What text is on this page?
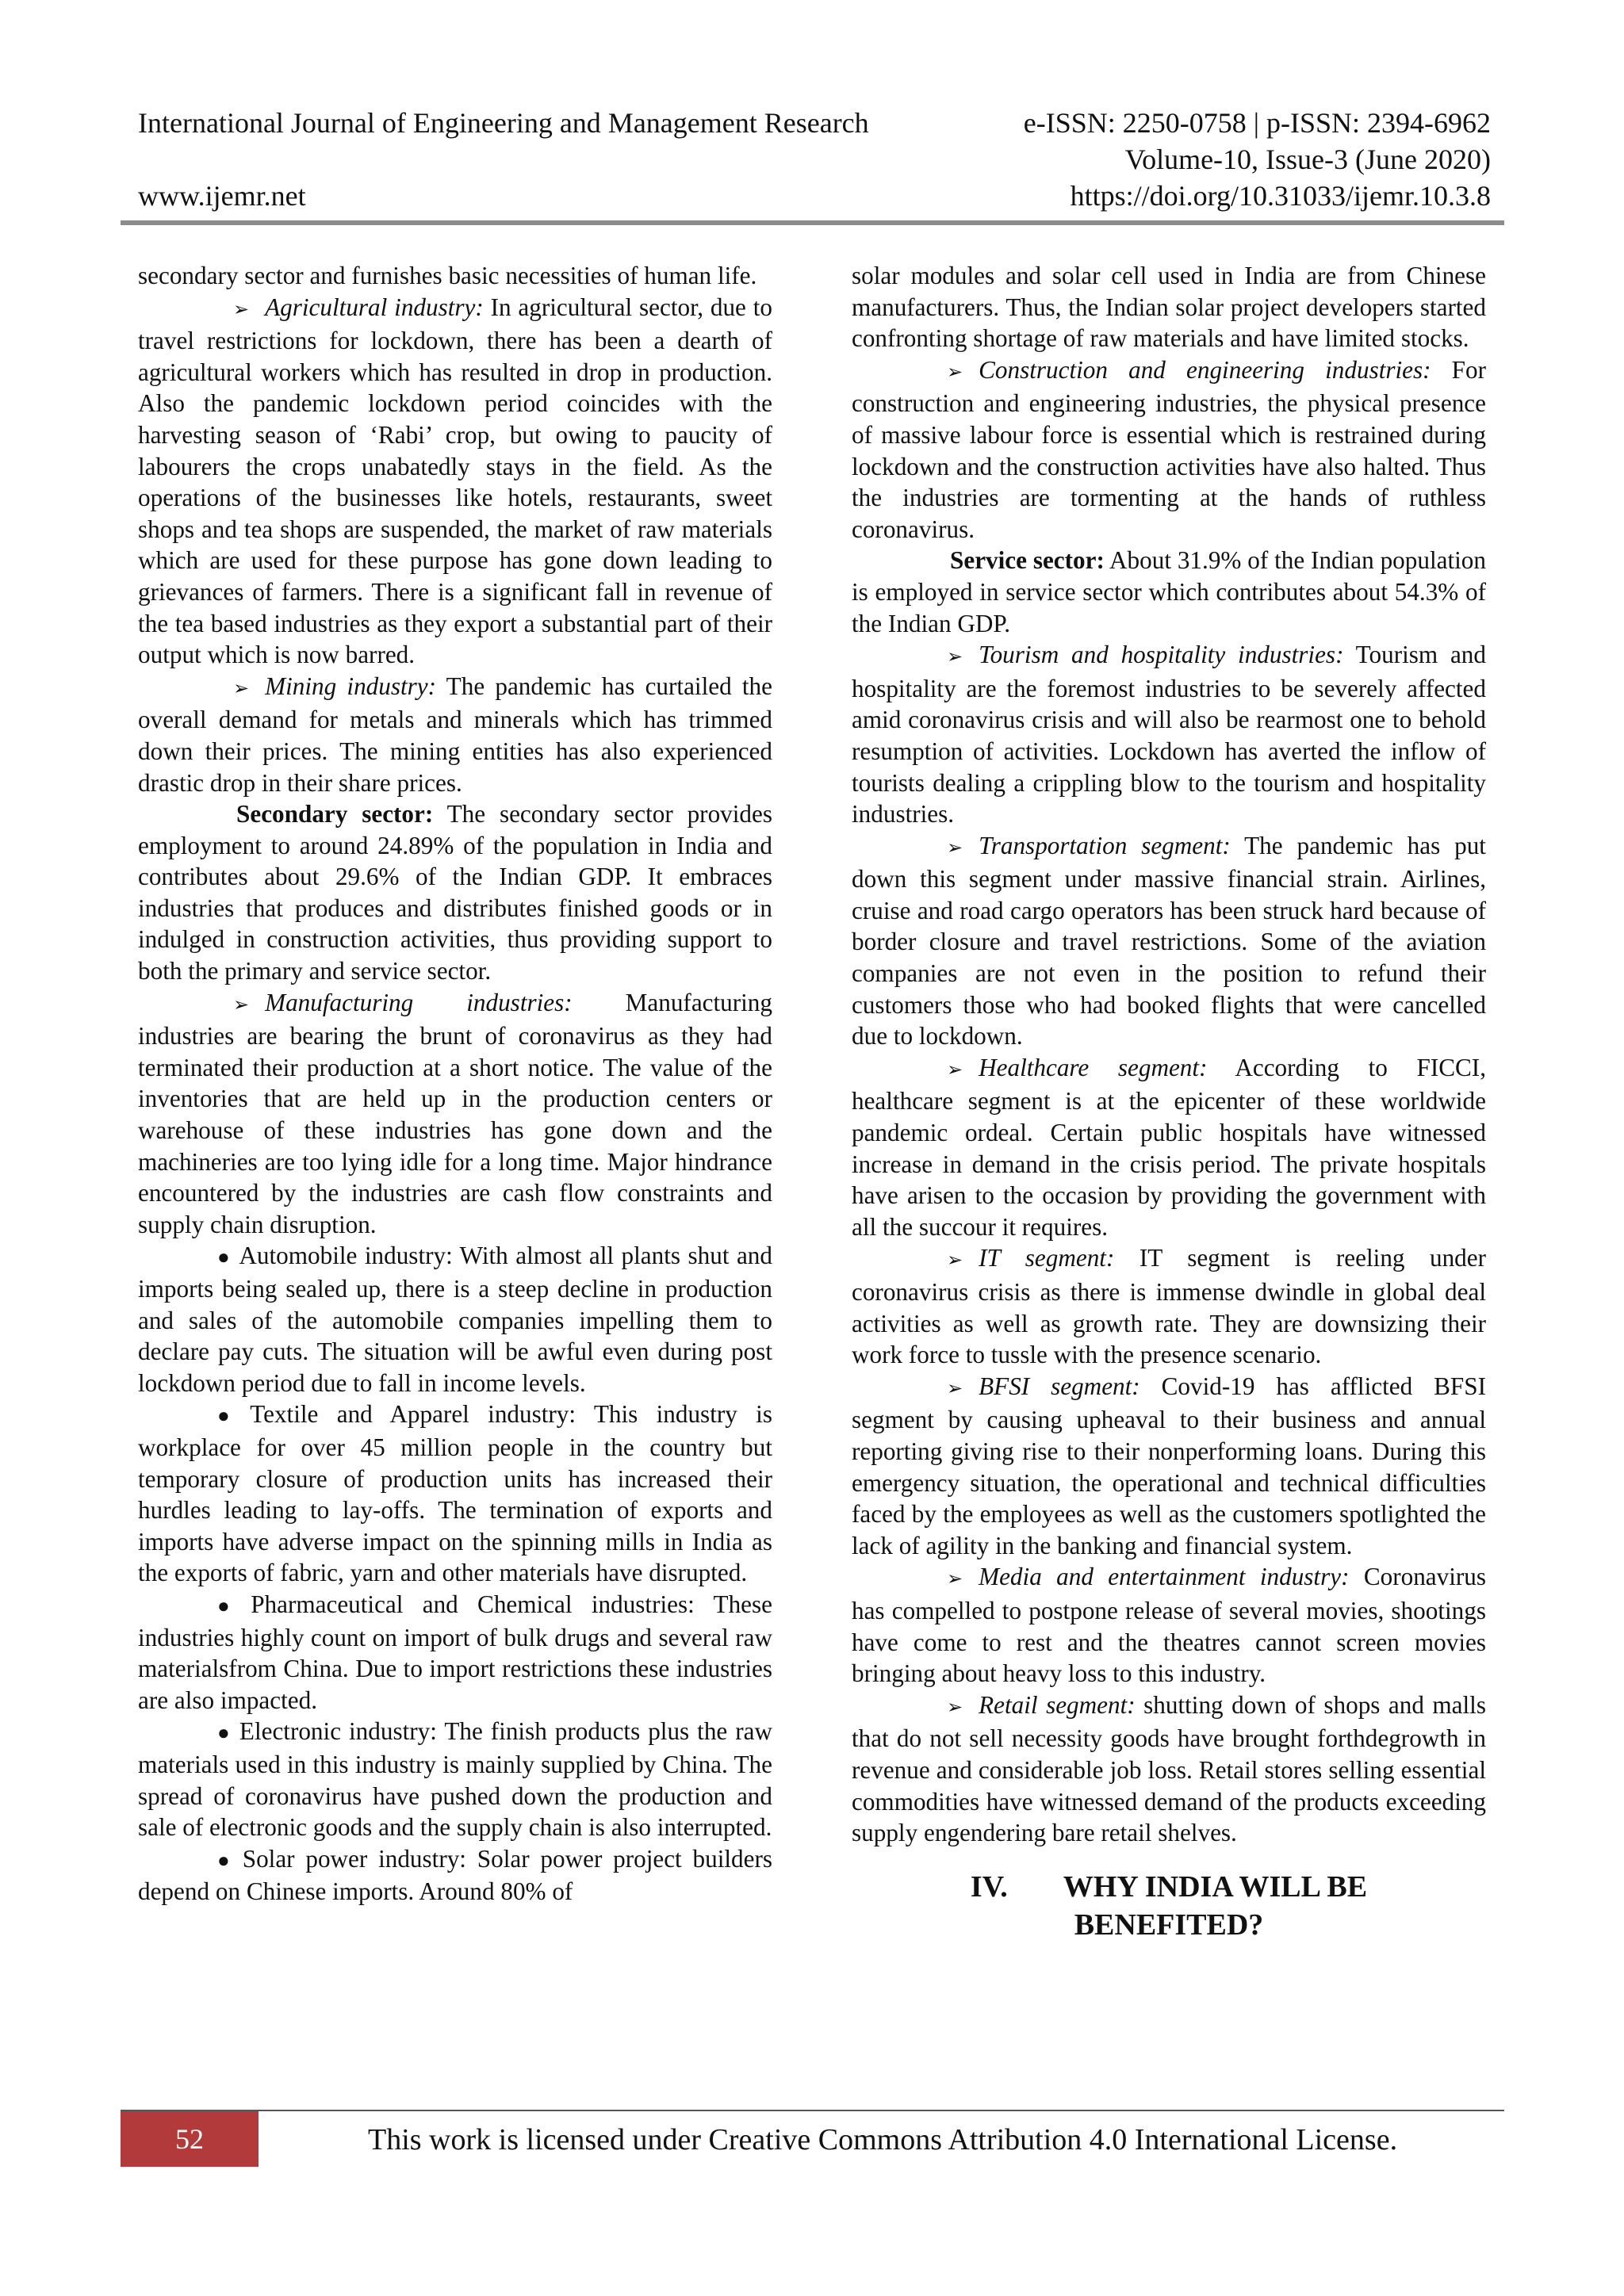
International Journal of Engineering and Management Research	e-ISSN: 2250-0758 | p-ISSN: 2394-6962
Volume-10, Issue-3 (June 2020)
www.ijemr.net	https://doi.org/10.31033/ijemr.10.3.8

secondary sector and furnishes basic necessities of human life.

➢ Agricultural industry: In agricultural sector, due to travel restrictions for lockdown, there has been a dearth of agricultural workers which has resulted in drop in production. Also the pandemic lockdown period coincides with the harvesting season of ‘Rabi’ crop, but owing to paucity of labourers the crops unabatedly stays in the field. As the operations of the businesses like hotels, restaurants, sweet shops and tea shops are suspended, the market of raw materials which are used for these purpose has gone down leading to grievances of farmers. There is a significant fall in revenue of the tea based industries as they export a substantial part of their output which is now barred.

➢ Mining industry: The pandemic has curtailed the overall demand for metals and minerals which has trimmed down their prices. The mining entities has also experienced drastic drop in their share prices.

Secondary sector: The secondary sector provides employment to around 24.89% of the population in India and contributes about 29.6% of the Indian GDP. It embraces industries that produces and distributes finished goods or in indulged in construction activities, thus providing support to both the primary and service sector.

➢ Manufacturing industries: Manufacturing industries are bearing the brunt of coronavirus as they had terminated their production at a short notice. The value of the inventories that are held up in the production centers or warehouse of these industries has gone down and the machineries are too lying idle for a long time. Major hindrance encountered by the industries are cash flow constraints and supply chain disruption.

● Automobile industry: With almost all plants shut and imports being sealed up, there is a steep decline in production and sales of the automobile companies impelling them to declare pay cuts. The situation will be awful even during post lockdown period due to fall in income levels.

● Textile and Apparel industry: This industry is workplace for over 45 million people in the country but temporary closure of production units has increased their hurdles leading to lay-offs. The termination of exports and imports have adverse impact on the spinning mills in India as the exports of fabric, yarn and other materials have disrupted.

● Pharmaceutical and Chemical industries: These industries highly count on import of bulk drugs and several raw materialsfrom China. Due to import restrictions these industries are also impacted.

● Electronic industry: The finish products plus the raw materials used in this industry is mainly supplied by China. The spread of coronavirus have pushed down the production and sale of electronic goods and the supply chain is also interrupted.

● Solar power industry: Solar power project builders depend on Chinese imports. Around 80% of

solar modules and solar cell used in India are from Chinese manufacturers. Thus, the Indian solar project developers started confronting shortage of raw materials and have limited stocks.

➢ Construction and engineering industries: For construction and engineering industries, the physical presence of massive labour force is essential which is restrained during lockdown and the construction activities have also halted. Thus the industries are tormenting at the hands of ruthless coronavirus.

Service sector: About 31.9% of the Indian population is employed in service sector which contributes about 54.3% of the Indian GDP.

➢ Tourism and hospitality industries: Tourism and hospitality are the foremost industries to be severely affected amid coronavirus crisis and will also be rearmost one to behold resumption of activities. Lockdown has averted the inflow of tourists dealing a crippling blow to the tourism and hospitality industries.

➢ Transportation segment: The pandemic has put down this segment under massive financial strain. Airlines, cruise and road cargo operators has been struck hard because of border closure and travel restrictions. Some of the aviation companies are not even in the position to refund their customers those who had booked flights that were cancelled due to lockdown.

➢ Healthcare segment: According to FICCI, healthcare segment is at the epicenter of these worldwide pandemic ordeal. Certain public hospitals have witnessed increase in demand in the crisis period. The private hospitals have arisen to the occasion by providing the government with all the succour it requires.

➢ IT segment: IT segment is reeling under coronavirus crisis as there is immense dwindle in global deal activities as well as growth rate. They are downsizing their work force to tussle with the presence scenario.

➢ BFSI segment: Covid-19 has afflicted BFSI segment by causing upheaval to their business and annual reporting giving rise to their nonperforming loans. During this emergency situation, the operational and technical difficulties faced by the employees as well as the customers spotlighted the lack of agility in the banking and financial system.

➢ Media and entertainment industry: Coronavirus has compelled to postpone release of several movies, shootings have come to rest and the theatres cannot screen movies bringing about heavy loss to this industry.

➢ Retail segment: shutting down of shops and malls that do not sell necessity goods have brought forthdegrowth in revenue and considerable job loss. Retail stores selling essential commodities have witnessed demand of the products exceeding supply engendering bare retail shelves.

IV. WHY INDIA WILL BE
BENEFITED?
52	This work is licensed under Creative Commons Attribution 4.0 International License.
